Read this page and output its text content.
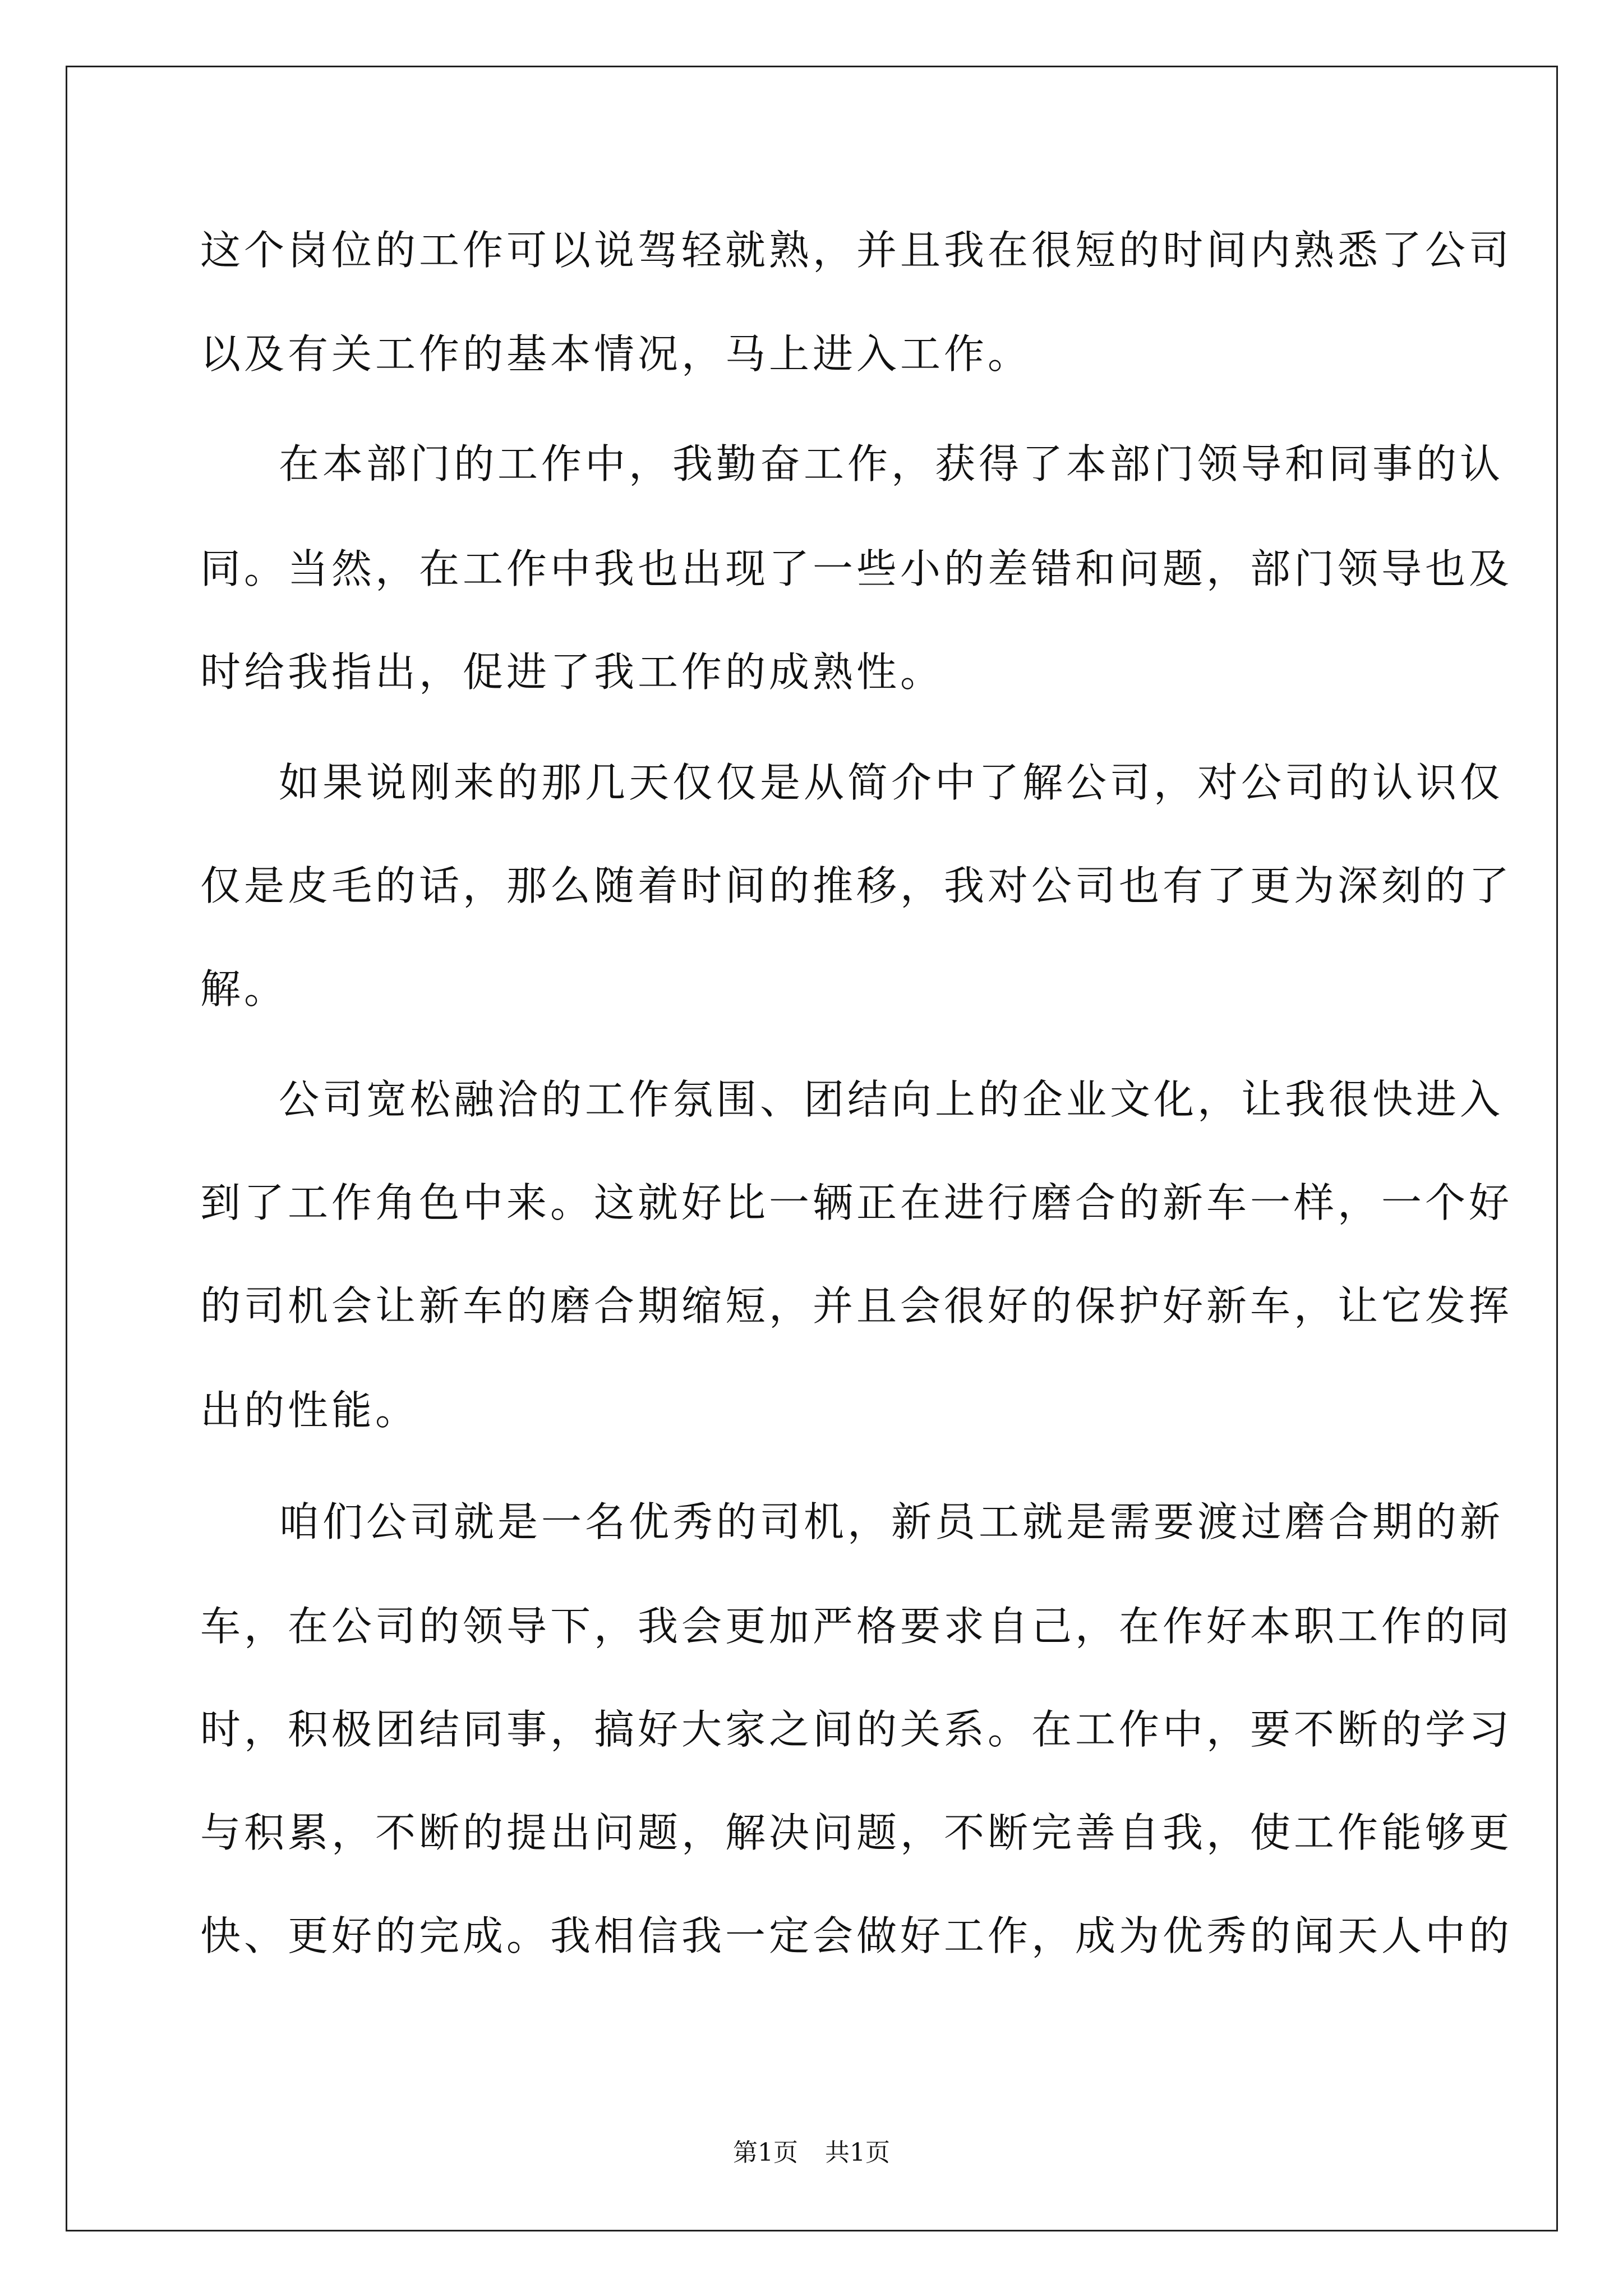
这个岗位的工作可以说驾轻就熟，并且我在很短的时间内熟悉了公司
以及有关工作的基本情况，马上进入工作。
在本部门的工作中，我勤奋工作，获得了本部门领导和同事的认
同。当然，在工作中我也出现了一些小的差错和问题，部门领导也及
时给我指出，促进了我工作的成熟性。
如果说刚来的那几天仅仅是从简介中了解公司，对公司的认识仅
仅是皮毛的话，那么随着时间的推移，我对公司也有了更为深刻的了
解。
公司宽松融洽的工作氛围、团结向上的企业文化，让我很快进入
到了工作角色中来。这就好比一辆正在进行磨合的新车一样，一个好
的司机会让新车的磨合期缩短，并且会很好的保护好新车，让它发挥
出的性能。
咱们公司就是一名优秀的司机，新员工就是需要渡过磨合期的新
车，在公司的领导下，我会更加严格要求自己，在作好本职工作的同
时，积极团结同事，搞好大家之间的关系。在工作中，要不断的学习
与积累，不断的提出问题，解决问题，不断完善自我，使工作能够更
快、更好的完成。我相信我一定会做好工作，成为优秀的闻天人中的
第1页 共1页
